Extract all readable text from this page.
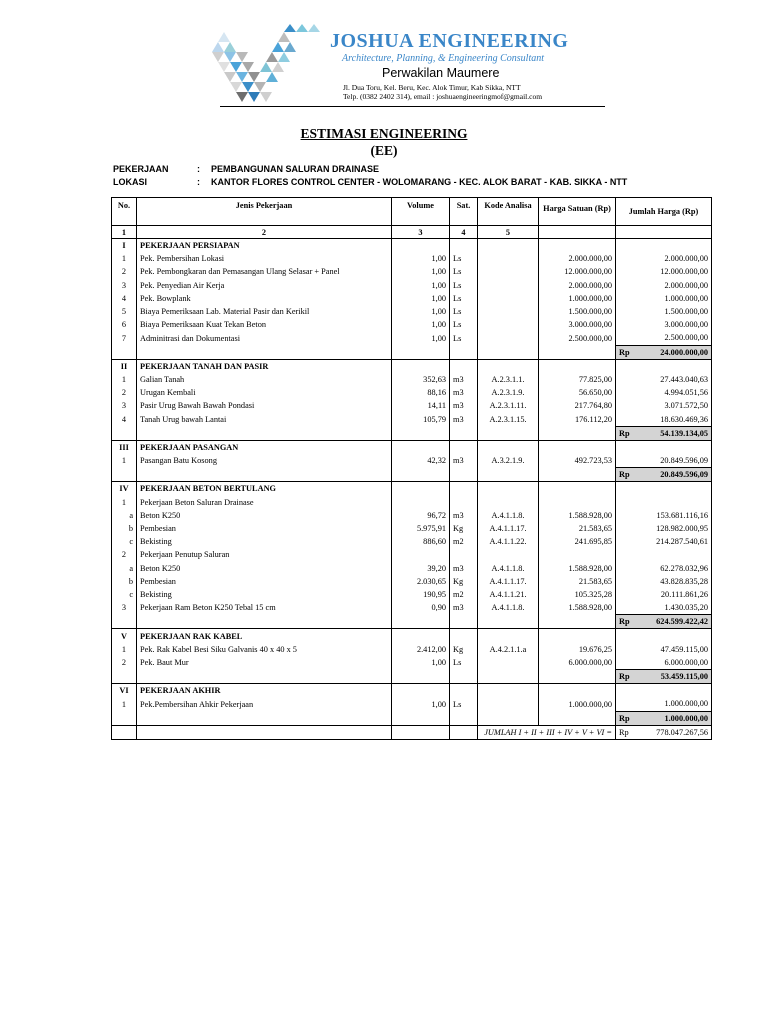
JOSHUA ENGINEERING
Architecture, Planning, & Engineering Consultant
Perwakilan Maumere
Jl. Dua Toru, Kel. Beru, Kec. Alok Timur, Kab Sikka, NTT
Telp. (0382 2402 314), email : joshuaengineeringmof@gmail.com
ESTIMASI ENGINEERING
(EE)
PEKERJAAN	: PEMBANGUNAN SALURAN DRAINASE
LOKASI	: KANTOR FLORES CONTROL CENTER - WOLOMARANG - KEC. ALOK BARAT - KAB. SIKKA - NTT
No.	Jenis Pekerjaan	Volume	Sat.	Kode Analisa	Harga Satuan (Rp)	Jumlah Harga (Rp)
1	2	3	4	5		
I	PEKERJAAN PERSIAPAN					
1	Pek. Pembersihan Lokasi	1,00	Ls		2.000.000,00	2.000.000,00
2	Pek. Pembongkaran dan Pemasangan Ulang Selasar + Panel	1,00	Ls		12.000.000,00	12.000.000,00
3	Pek. Penyedian Air Kerja	1,00	Ls		2.000.000,00	2.000.000,00
4	Pek. Bowplank	1,00	Ls		1.000.000,00	1.000.000,00
5	Biaya Pemeriksaan Lab. Material Pasir dan Kerikil	1,00	Ls		1.500.000,00	1.500.000,00
6	Biaya Pemeriksaan Kuat Tekan Beton	1,00	Ls		3.000.000,00	3.000.000,00
7	Adminitrasi dan Dokumentasi	1,00	Ls		2.500.000,00	2.500.000,00

						Rp 24.000.000,00
II	PEKERJAAN TANAH DAN PASIR					
1	Galian Tanah	352,63	m3	A.2.3.1.1.	77.825,00	27.443.040,63
2	Urugan Kembali	88,16	m3	A.2.3.1.9.	56.650,00	4.994.051,56
3	Pasir Urug Bawah Bawah Pondasi	14,11	m3	A.2.3.1.11.	217.764,80	3.071.572,50
4	Tanah Urug bawah Lantai	105,79	m3	A.2.3.1.15.	176.112,20	18.630.469,36

						Rp 54.139.134,05
III	PEKERJAAN PASANGAN					
1	Pasangan Batu Kosong	42,32	m3	A.3.2.1.9.	492.723,53	20.849.596,09

						Rp 20.849.596,09
IV	PEKERJAAN BETON BERTULANG					
1	Pekerjaan Beton Saluran Drainase					
a	Beton K250	96,72	m3	A.4.1.1.8.	1.588.928,00	153.681.116,16
b	Pembesian	5.975,91	Kg	A.4.1.1.17.	21.583,65	128.982.000,95
c	Bekisting	886,60	m2	A.4.1.1.22.	241.695,85	214.287.540,61
2	Pekerjaan Penutup Saluran					
a	Beton K250	39,20	m3	A.4.1.1.8.	1.588.928,00	62.278.032,96
b	Pembesian	2.030,65	Kg	A.4.1.1.17.	21.583,65	43.828.835,28
c	Bekisting	190,95	m2	A.4.1.1.21.	105.325,28	20.111.861,26
3	Pekerjaan Ram Beton K250 Tebal 15 cm	0,90	m3	A.4.1.1.8.	1.588.928,00	1.430.035,20

						Rp 624.599.422,42
V	PEKERJAAN RAK KABEL					
1	Pek. Rak Kabel Besi Siku Galvanis 40 x 40 x 5	2.412,00	Kg	A.4.2.1.1.a	19.676,25	47.459.115,00
2	Pek. Baut Mur	1,00	Ls		6.000.000,00	6.000.000,00

						Rp 53.459.115,00
VI	PEKERJAAN AKHIR					
1	Pek.Pembersihan Ahkir Pekerjaan	1,00	Ls		1.000.000,00	1.000.000,00

						Rp 1.000.000,00
				JUMLAH I + II + III + IV + V + VI =		Rp 778.047.267,56
